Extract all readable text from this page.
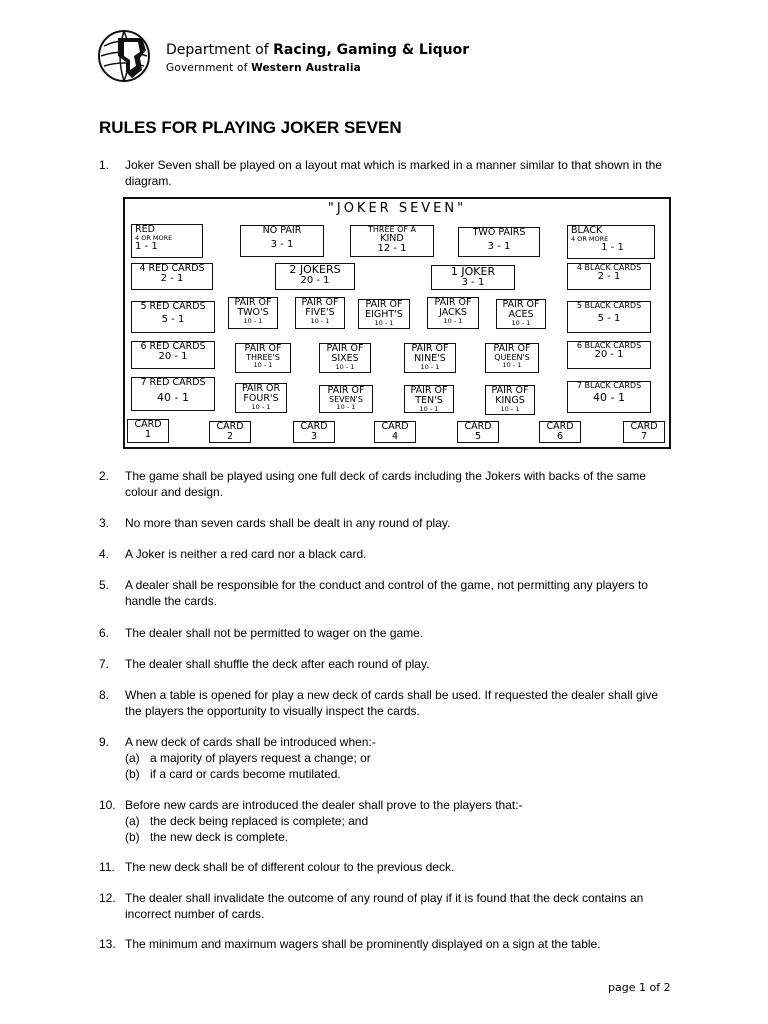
Department of Racing, Gaming & Liquor
Government of Western Australia
RULES FOR PLAYING JOKER SEVEN
1. Joker Seven shall be played on a layout mat which is marked in a manner similar to that shown in the diagram.
"JOKER SEVEN"
RED
4 OR MORE
1 - 1
NO PAIR
3 - 1
THREE OF A
KIND
12 - 1
TWO PAIRS
3 - 1
BLACK
4 OR MORE
1 - 1
4 RED CARDS
2 - 1
2 JOKERS
20 - 1
1 JOKER
3 - 1
4 BLACK CARDS
2 - 1
5 RED CARDS
5 - 1
PAIR OF
TWO'S
10 - 1
PAIR OF
FIVE'S
10 - 1
PAIR OF
EIGHT'S
10 - 1
PAIR OF
JACKS
10 - 1
PAIR OF
ACES
10 - 1
5 BLACK CARDS
5 - 1
6 RED CARDS
20 - 1
PAIR OF
THREE'S
10 - 1
PAIR OF
SIXES
10 - 1
PAIR OF
NINE'S
10 - 1
PAIR OF
QUEEN'S
10 - 1
6 BLACK CARDS
20 - 1
7 RED CARDS
40 - 1
PAIR OR
FOUR'S
10 - 1
PAIR OF
SEVEN'S
10 - 1
PAIR OF
TEN'S
10 - 1
PAIR OF
KINGS
10 - 1
7 BLACK CARDS
40 - 1
CARD
1
CARD
2
CARD
3
CARD
4
CARD
5
CARD
6
CARD
7
2. The game shall be played using one full deck of cards including the Jokers with backs of the same colour and design.
3. No more than seven cards shall be dealt in any round of play.
4. A Joker is neither a red card nor a black card.
5. A dealer shall be responsible for the conduct and control of the game, not permitting any players to handle the cards.
6. The dealer shall not be permitted to wager on the game.
7. The dealer shall shuffle the deck after each round of play.
8. When a table is opened for play a new deck of cards shall be used. If requested the dealer shall give the players the opportunity to visually inspect the cards.
9. A new deck of cards shall be introduced when:-
(a) a majority of players request a change; or
(b) if a card or cards become mutilated.
10. Before new cards are introduced the dealer shall prove to the players that:-
(a) the deck being replaced is complete; and
(b) the new deck is complete.
11. The new deck shall be of different colour to the previous deck.
12. The dealer shall invalidate the outcome of any round of play if it is found that the deck contains an incorrect number of cards.
13. The minimum and maximum wagers shall be prominently displayed on a sign at the table.
page 1 of 2
